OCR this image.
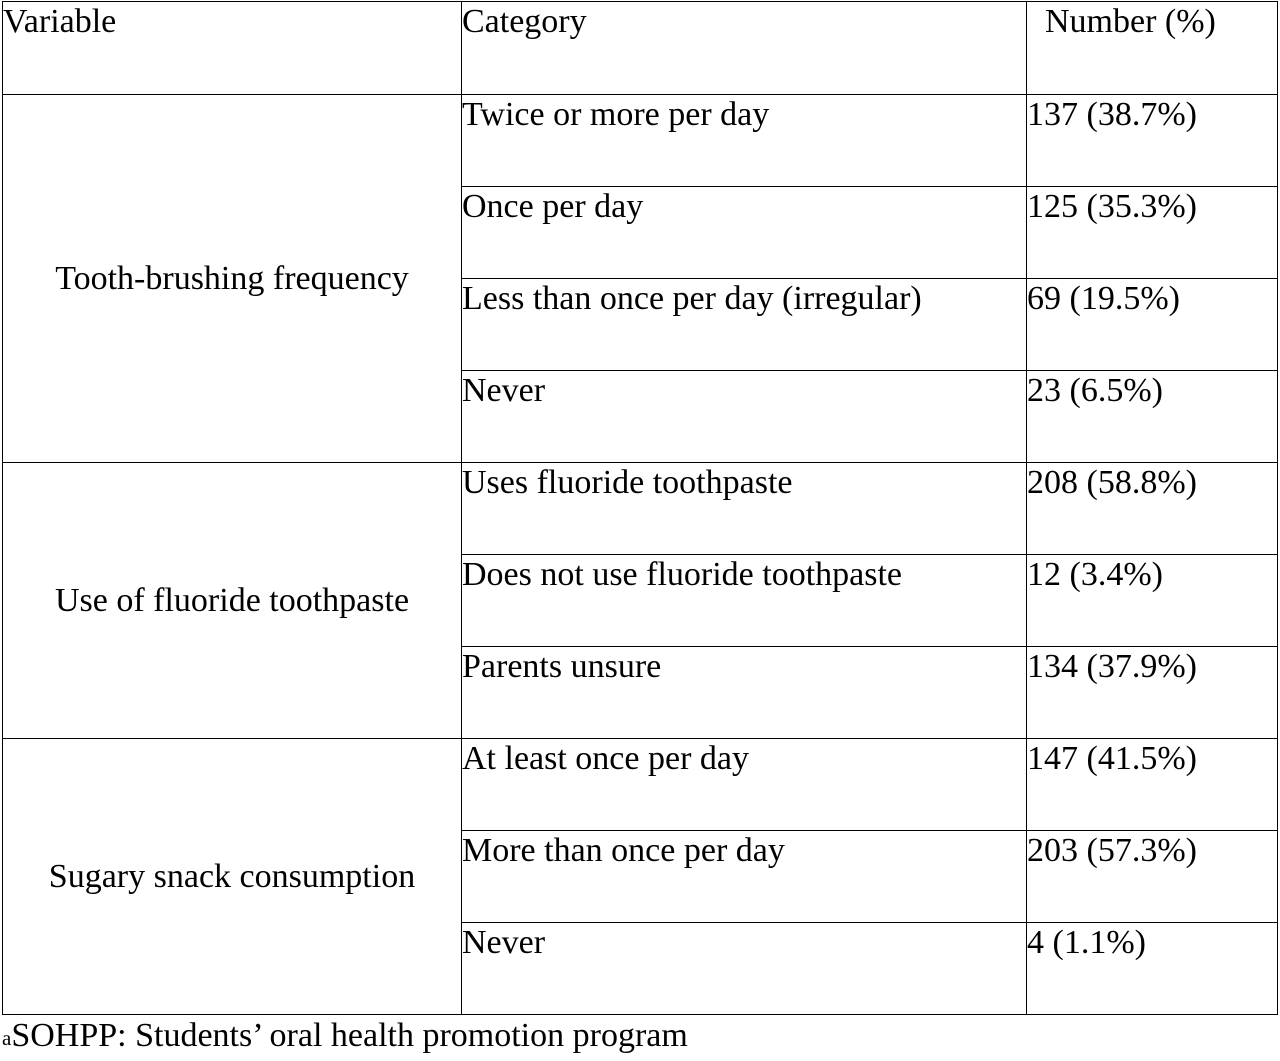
Variable	Category	Number (%)
Tooth-brushing frequency	Twice or more per day	137 (38.7%)
	Once per day	125 (35.3%)
	Less than once per day (irregular)	69 (19.5%)
	Never	23 (6.5%)
Use of fluoride toothpaste	Uses fluoride toothpaste	208 (58.8%)
	Does not use fluoride toothpaste	12 (3.4%)
	Parents unsure	134 (37.9%)
Sugary snack consumption	At least once per day	147 (41.5%)
	More than once per day	203 (57.3%)
	Never	4 (1.1%)
$^a$SOHPP: Students’ oral health promotion program
